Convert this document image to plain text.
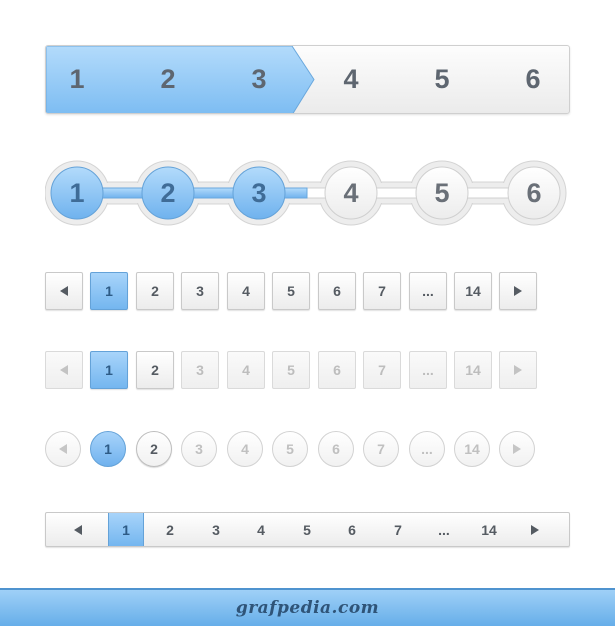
1	2	3	4	5	6
1	2	3	4	5	6
1	2	3	4	5	6	7	... 14
1	2	3	4	5	6	7	... 14
1	2	3	4	5	6	7	... 14
1	2	3	4	5	6	7	... 14
grafpedia.com
